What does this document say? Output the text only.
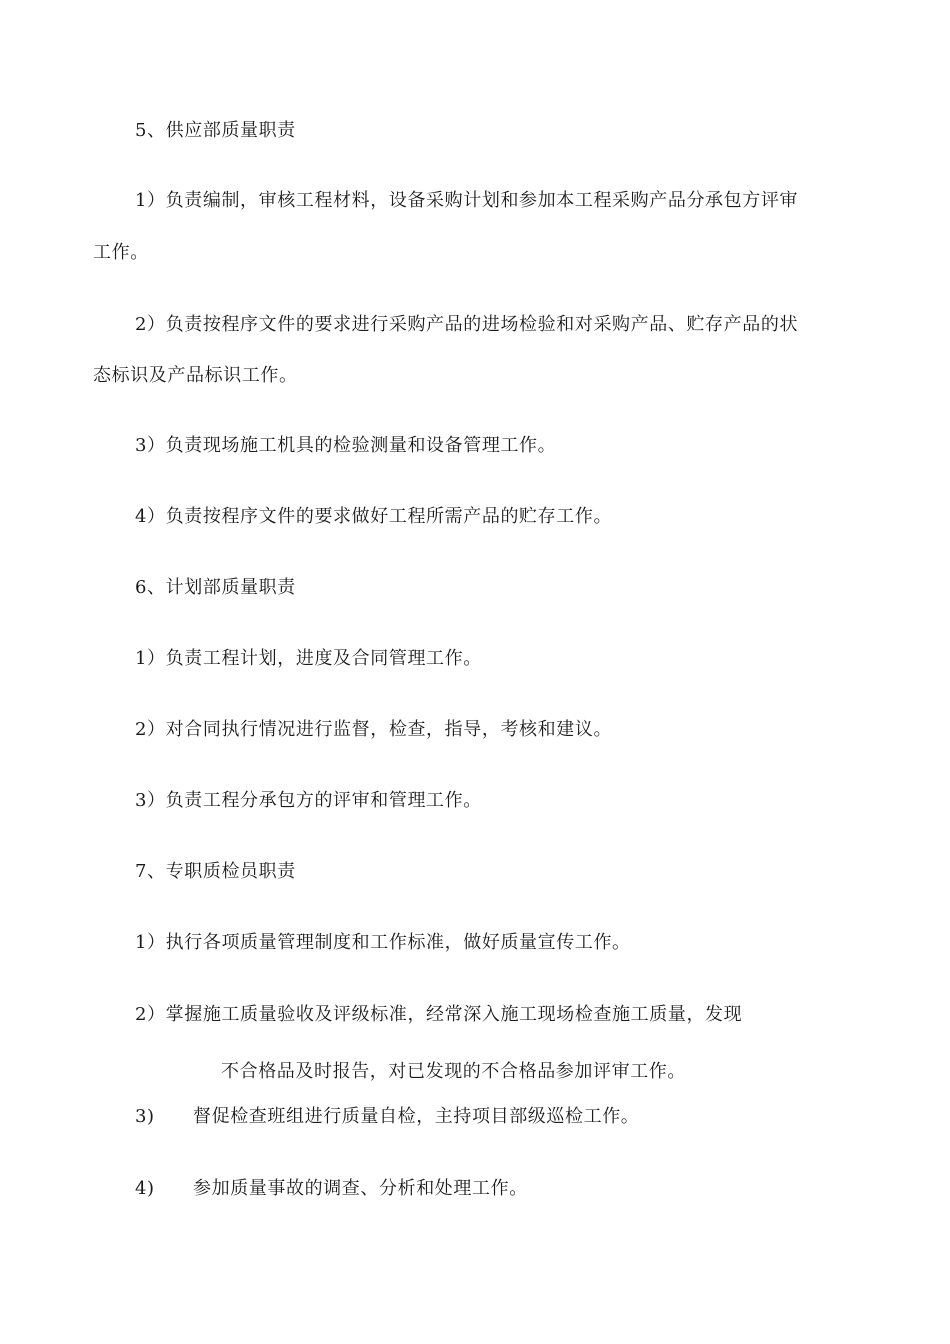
5、供应部质量职责
1）负责编制，审核工程材料，设备采购计划和参加本工程采购产品分承包方评审
工作。
2）负责按程序文件的要求进行采购产品的进场检验和对采购产品、贮存产品的状
态标识及产品标识工作。
3）负责现场施工机具的检验测量和设备管理工作。
4）负责按程序文件的要求做好工程所需产品的贮存工作。
6、计划部质量职责
1）负责工程计划，进度及合同管理工作。
2）对合同执行情况进行监督，检查，指导，考核和建议。
3）负责工程分承包方的评审和管理工作。
7、专职质检员职责
1）执行各项质量管理制度和工作标准，做好质量宣传工作。
2）掌握施工质量验收及评级标准，经常深入施工现场检查施工质量，发现
不合格品及时报告，对已发现的不合格品参加评审工作。
3) 督促检查班组进行质量自检，主持项目部级巡检工作。
4) 参加质量事故的调查、分析和处理工作。
